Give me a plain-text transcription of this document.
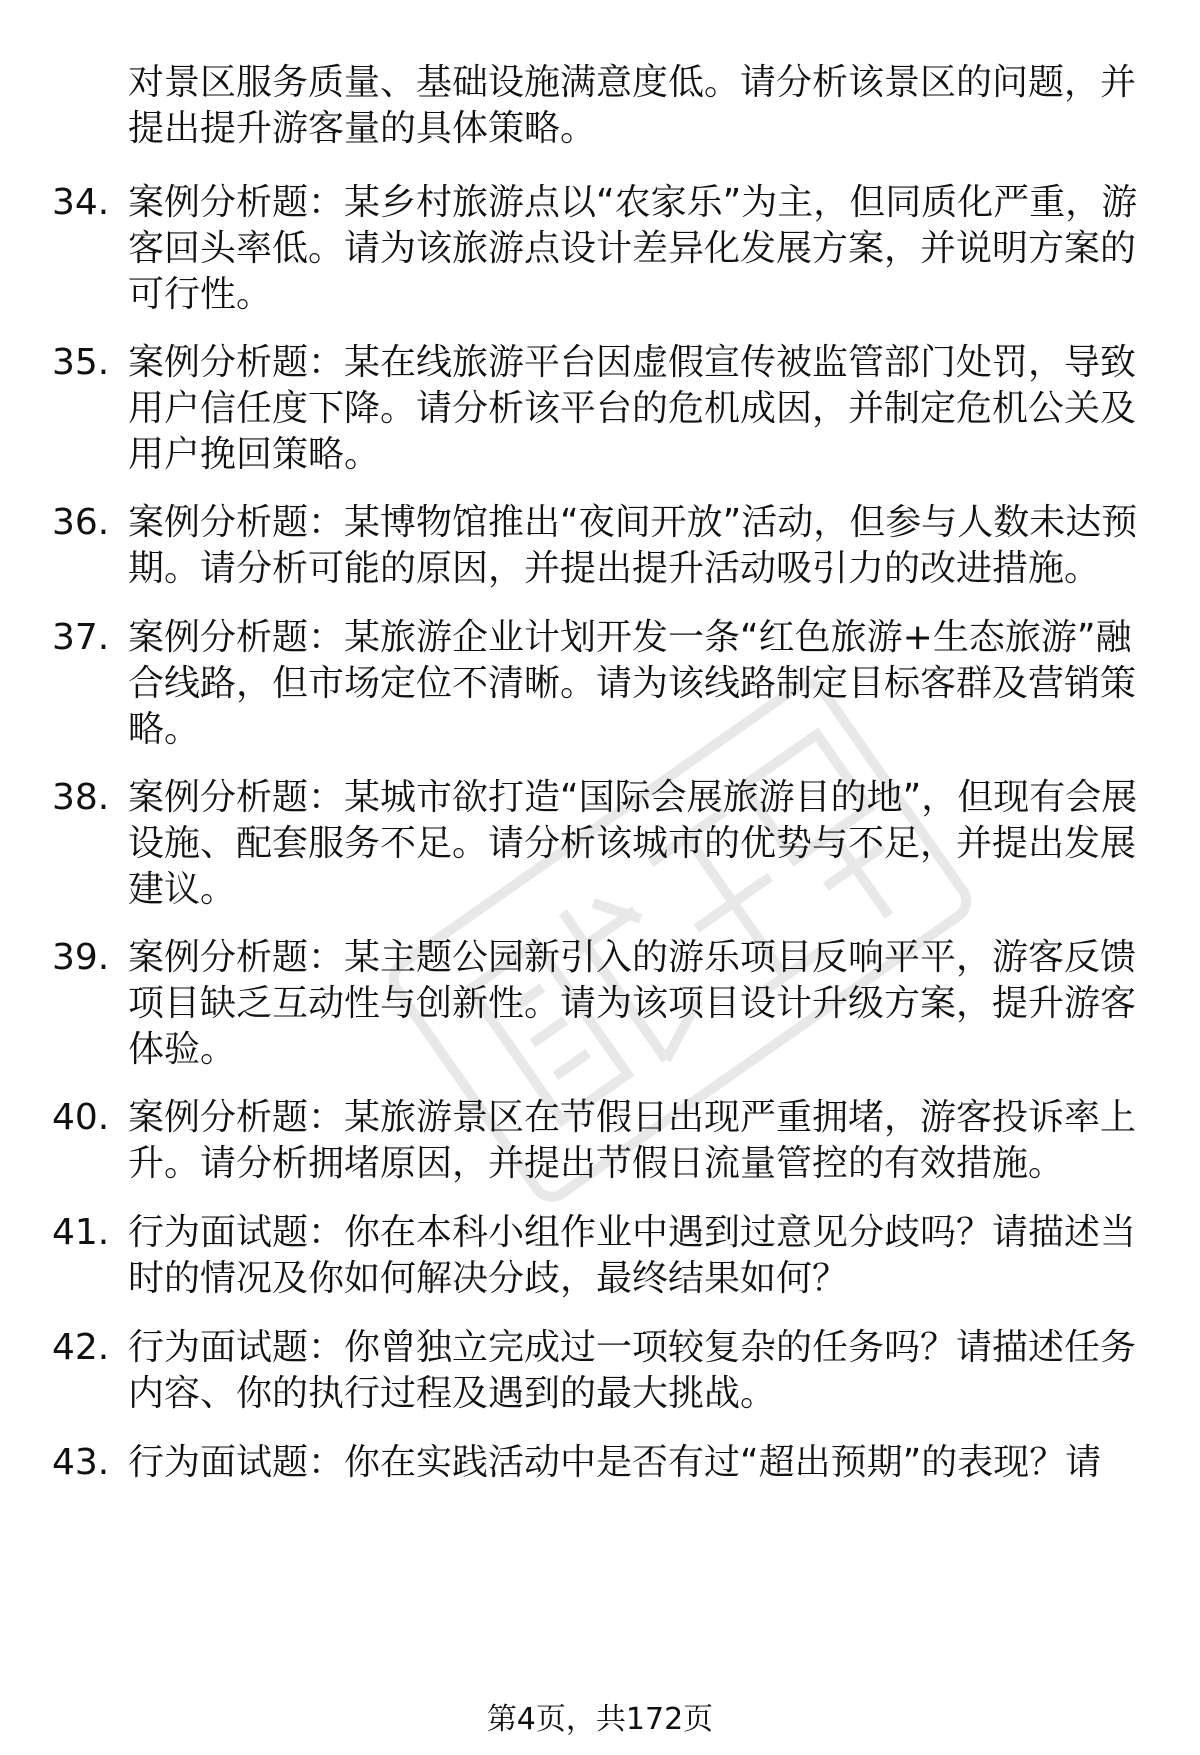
对景区服务质量、基础设施满意度低。请分析该景区的问题，并提出提升游客量的具体策略。
34. 案例分析题：某乡村旅游点以“农家乐”为主，但同质化严重，游客回头率低。请为该旅游点设计差异化发展方案，并说明方案的可行性。
35. 案例分析题：某在线旅游平台因虚假宣传被监管部门处罚，导致用户信任度下降。请分析该平台的危机成因，并制定危机公关及用户挽回策略。
36. 案例分析题：某博物馆推出“夜间开放”活动，但参与人数未达预期。请分析可能的原因，并提出提升活动吸引力的改进措施。
37. 案例分析题：某旅游企业计划开发一条“红色旅游+生态旅游”融合线路，但市场定位不清晰。请为该线路制定目标客群及营销策略。
38. 案例分析题：某城市欲打造“国际会展旅游目的地”，但现有会展设施、配套服务不足。请分析该城市的优势与不足，并提出发展建议。
39. 案例分析题：某主题公园新引入的游乐项目反响平平，游客反馈项目缺乏互动性与创新性。请为该项目设计升级方案，提升游客体验。
40. 案例分析题：某旅游景区在节假日出现严重拥堵，游客投诉率上升。请分析拥堵原因，并提出节假日流量管控的有效措施。
41. 行为面试题：你在本科小组作业中遇到过意见分歧吗？请描述当时的情况及你如何解决分歧，最终结果如何？
42. 行为面试题：你曾独立完成过一项较复杂的任务吗？请描述任务内容、你的执行过程及遇到的最大挑战。
43. 行为面试题：你在实践活动中是否有过“超出预期”的表现？请
第4页，共172页
